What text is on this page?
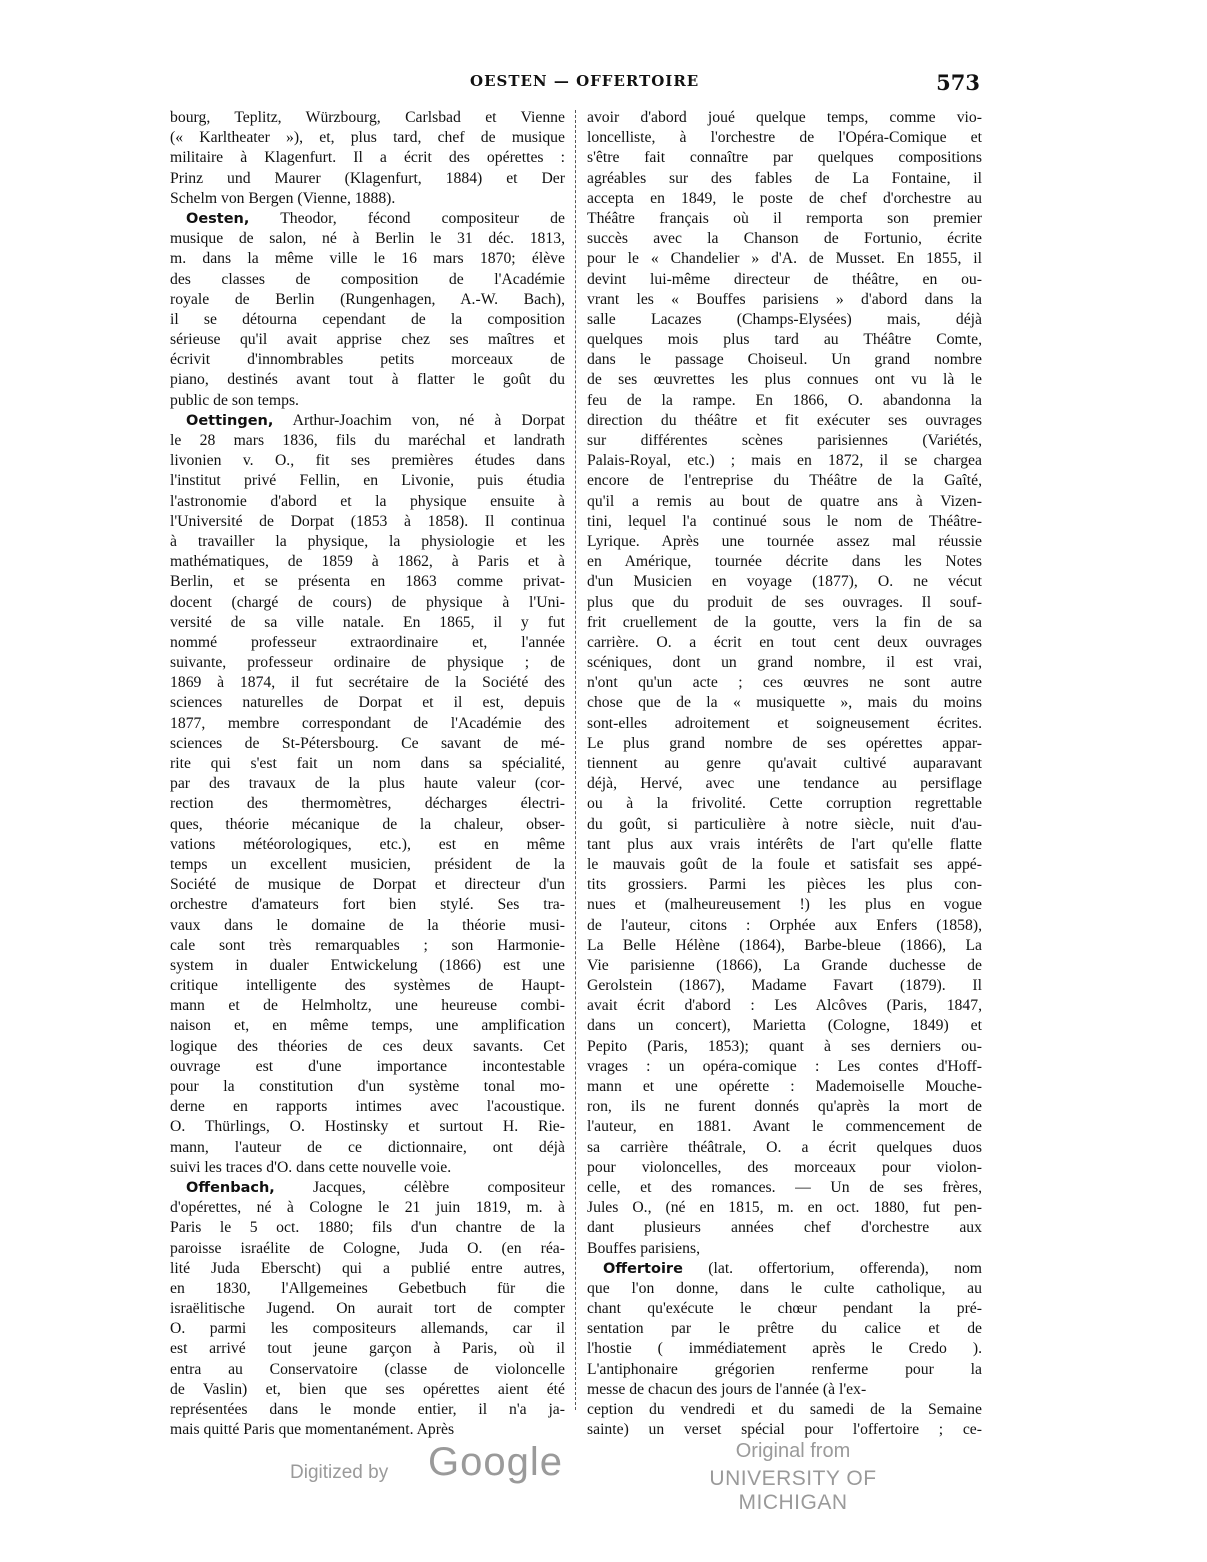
OESTEN — OFFERTOIRE	573
bourg, Teplitz, Würzbourg, Carlsbad et Vienne
(« Karltheater »), et, plus tard, chef de musique
militaire à Klagenfurt. Il a écrit des opérettes :
Prinz und Maurer (Klagenfurt, 1884) et Der
Schelm von Bergen (Vienne, 1888).
Oesten, Theodor, fécond compositeur de
musique de salon, né à Berlin le 31 déc. 1813,
m. dans la même ville le 16 mars 1870; élève
des classes de composition de l'Académie
royale de Berlin (Rungenhagen, A.-W. Bach),
il se détourna cependant de la composition
sérieuse qu'il avait apprise chez ses maîtres et
écrivit d'innombrables petits morceaux de
piano, destinés avant tout à flatter le goût du
public de son temps.
Oettingen, Arthur-Joachim von, né à Dorpat
le 28 mars 1836, fils du maréchal et landrath
livonien v. O., fit ses premières études dans
l'institut privé Fellin, en Livonie, puis étudia
l'astronomie d'abord et la physique ensuite à
l'Université de Dorpat (1853 à 1858). Il continua
à travailler la physique, la physiologie et les
mathématiques, de 1859 à 1862, à Paris et à
Berlin, et se présenta en 1863 comme privat-
docent (chargé de cours) de physique à l'Uni-
versité de sa ville natale. En 1865, il y fut
nommé professeur extraordinaire et, l'année
suivante, professeur ordinaire de physique ; de
1869 à 1874, il fut secrétaire de la Société des
sciences naturelles de Dorpat et il est, depuis
1877, membre correspondant de l'Académie des
sciences de St-Pétersbourg. Ce savant de mé-
rite qui s'est fait un nom dans sa spécialité,
par des travaux de la plus haute valeur (cor-
rection des thermomètres, décharges électri-
ques, théorie mécanique de la chaleur, obser-
vations météorologiques, etc.), est en même
temps un excellent musicien, président de la
Société de musique de Dorpat et directeur d'un
orchestre d'amateurs fort bien stylé. Ses tra-
vaux dans le domaine de la théorie musi-
cale sont très remarquables ; son Harmonie-
system in dualer Entwickelung (1866) est une
critique intelligente des systèmes de Haupt-
mann et de Helmholtz, une heureuse combi-
naison et, en même temps, une amplification
logique des théories de ces deux savants. Cet
ouvrage est d'une importance incontestable
pour la constitution d'un système tonal mo-
derne en rapports intimes avec l'acoustique.
O. Thürlings, O. Hostinsky et surtout H. Rie-
mann, l'auteur de ce dictionnaire, ont déjà
suivi les traces d'O. dans cette nouvelle voie.
Offenbach, Jacques, célèbre compositeur
d'opérettes, né à Cologne le 21 juin 1819, m. à
Paris le 5 oct. 1880; fils d'un chantre de la
paroisse israélite de Cologne, Juda O. (en réa-
lité Juda Eberscht) qui a publié entre autres,
en 1830, l'Allgemeines Gebetbuch für die
israëlitische Jugend. On aurait tort de compter
O. parmi les compositeurs allemands, car il
est arrivé tout jeune garçon à Paris, où il
entra au Conservatoire (classe de violoncelle
de Vaslin) et, bien que ses opérettes aient été
représentées dans le monde entier, il n'a ja-
mais quitté Paris que momentanément. Après
avoir d'abord joué quelque temps, comme vio-
loncelliste, à l'orchestre de l'Opéra-Comique et
s'être fait connaître par quelques compositions
agréables sur des fables de La Fontaine, il
accepta en 1849, le poste de chef d'orchestre au
Théâtre français où il remporta son premier
succès avec la Chanson de Fortunio, écrite
pour le « Chandelier » d'A. de Musset. En 1855, il
devint lui-même directeur de théâtre, en ou-
vrant les « Bouffes parisiens » d'abord dans la
salle Lacazes (Champs-Elysées) mais, déjà
quelques mois plus tard au Théâtre Comte,
dans le passage Choiseul. Un grand nombre
de ses œuvrettes les plus connues ont vu là le
feu de la rampe. En 1866, O. abandonna la
direction du théâtre et fit exécuter ses ouvrages
sur différentes scènes parisiennes (Variétés,
Palais-Royal, etc.) ; mais en 1872, il se chargea
encore de l'entreprise du Théâtre de la Gaîté,
qu'il a remis au bout de quatre ans à Vizen-
tini, lequel l'a continué sous le nom de Théâtre-
Lyrique. Après une tournée assez mal réussie
en Amérique, tournée décrite dans les Notes
d'un Musicien en voyage (1877), O. ne vécut
plus que du produit de ses ouvrages. Il souf-
frit cruellement de la goutte, vers la fin de sa
carrière. O. a écrit en tout cent deux ouvrages
scéniques, dont un grand nombre, il est vrai,
n'ont qu'un acte ; ces œuvres ne sont autre
chose que de la « musiquette », mais du moins
sont-elles adroitement et soigneusement écrites.
Le plus grand nombre de ses opérettes appar-
tiennent au genre qu'avait cultivé auparavant
déjà, Hervé, avec une tendance au persiflage
ou à la frivolité. Cette corruption regrettable
du goût, si particulière à notre siècle, nuit d'au-
tant plus aux vrais intérêts de l'art qu'elle flatte
le mauvais goût de la foule et satisfait ses appé-
tits grossiers. Parmi les pièces les plus con-
nues et (malheureusement !) les plus en vogue
de l'auteur, citons : Orphée aux Enfers (1858),
La Belle Hélène (1864), Barbe-bleue (1866), La
Vie parisienne (1866), La Grande duchesse de
Gerolstein (1867), Madame Favart (1879). Il
avait écrit d'abord : Les Alcôves (Paris, 1847,
dans un concert), Marietta (Cologne, 1849) et
Pepito (Paris, 1853); quant à ses derniers ou-
vrages : un opéra-comique : Les contes d'Hoff-
mann et une opérette : Mademoiselle Mouche-
ron, ils ne furent donnés qu'après la mort de
l'auteur, en 1881. Avant le commencement de
sa carrière théâtrale, O. a écrit quelques duos
pour violoncelles, des morceaux pour violon-
celle, et des romances. — Un de ses frères,
Jules O., (né en 1815, m. en oct. 1880, fut pen-
dant plusieurs années chef d'orchestre aux
Bouffes parisiens,
Offertoire (lat. offertorium, offerenda), nom
que l'on donne, dans le culte catholique, au
chant qu'exécute le chœur pendant la pré-
sentation par le prêtre du calice et de
l'hostie ( immédiatement après le Credo ).
L'antiphonaire grégorien renferme pour la
messe de chacun des jours de l'année (à l'ex-
ception du vendredi et du samedi de la Semaine
sainte) un verset spécial pour l'offertoire ; ce-
Digitized by Google	Original from
UNIVERSITY OF MICHIGAN
